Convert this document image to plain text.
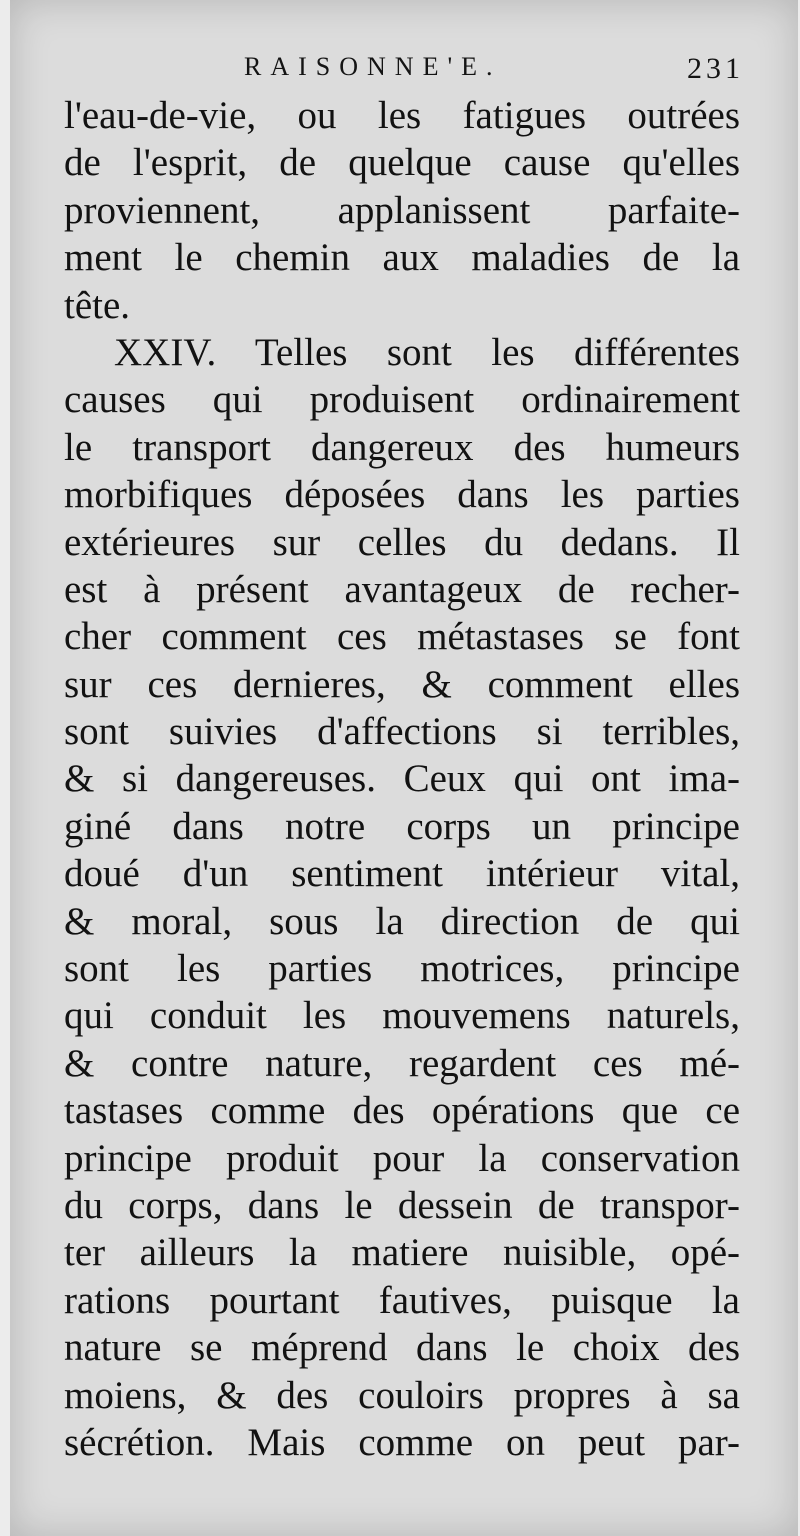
RAISONNE'E.	231
l'eau-de-vie, ou les fatigues outrées
de l'esprit, de quelque cause qu'elles
proviennent, applanissent parfaite-
ment le chemin aux maladies de la
tête.
XXIV. Telles sont les différentes
causes qui produisent ordinairement
le transport dangereux des humeurs
morbifiques déposées dans les parties
extérieures sur celles du dedans. Il
est à présent avantageux de recher-
cher comment ces métastases se font
sur ces dernieres, & comment elles
sont suivies d'affections si terribles,
& si dangereuses. Ceux qui ont ima-
giné dans notre corps un principe
doué d'un sentiment intérieur vital,
& moral, sous la direction de qui
sont les parties motrices, principe
qui conduit les mouvemens naturels,
& contre nature, regardent ces mé-
tastases comme des opérations que ce
principe produit pour la conservation
du corps, dans le dessein de transpor-
ter ailleurs la matiere nuisible, opé-
rations pourtant fautives, puisque la
nature se méprend dans le choix des
moiens, & des couloirs propres à sa
sécrétion. Mais comme on peut par-
